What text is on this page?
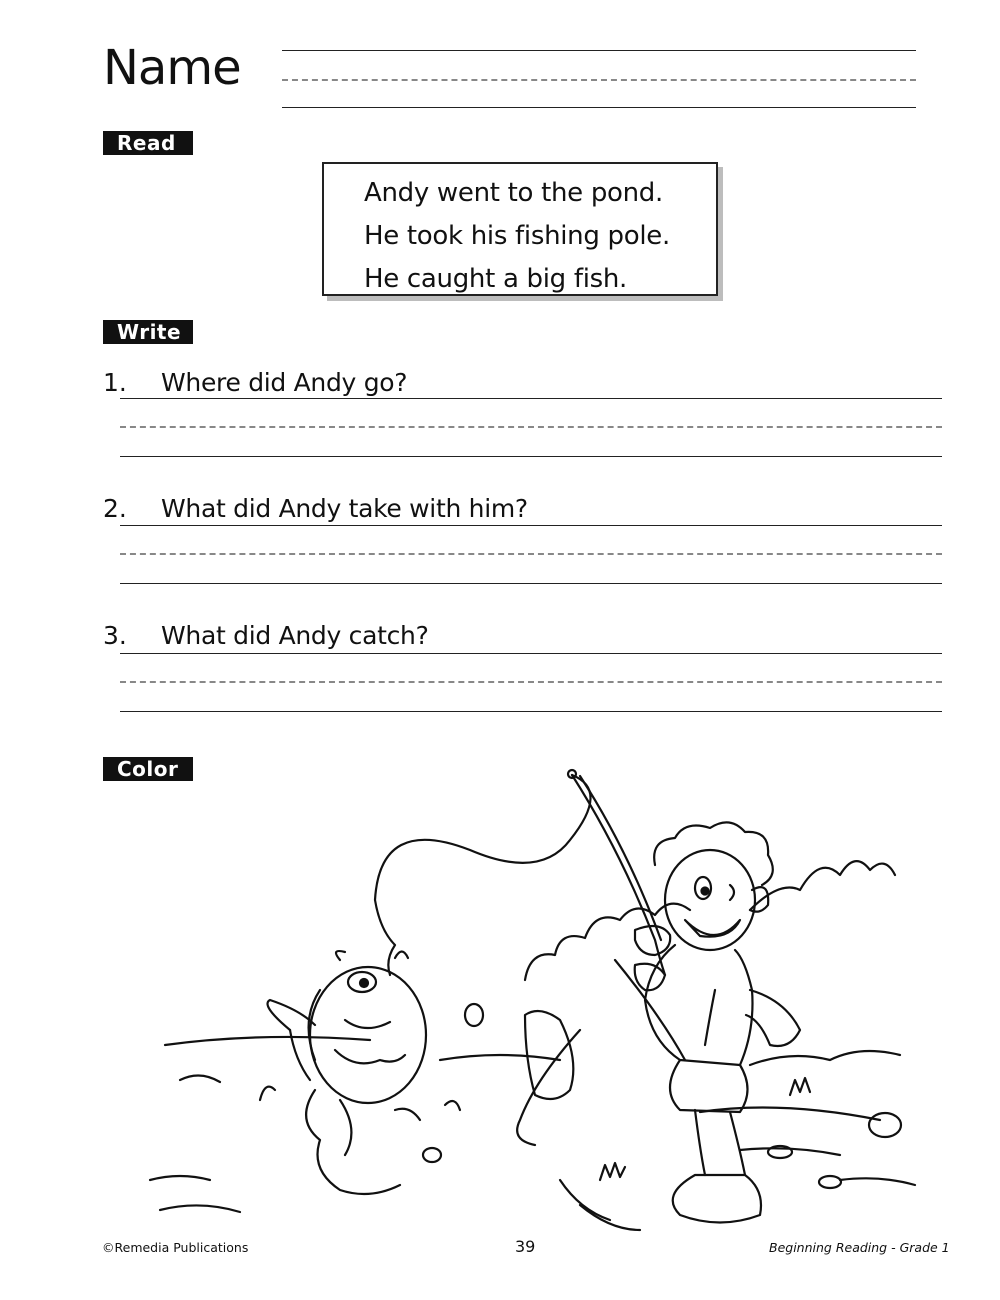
Name
Read
Andy went to the pond.
He took his fishing pole.
He caught a big fish.
Write
1. Where did Andy go?
2. What did Andy take with him?
3. What did Andy catch?
Color
©Remedia Publications	39	Beginning Reading - Grade 1
